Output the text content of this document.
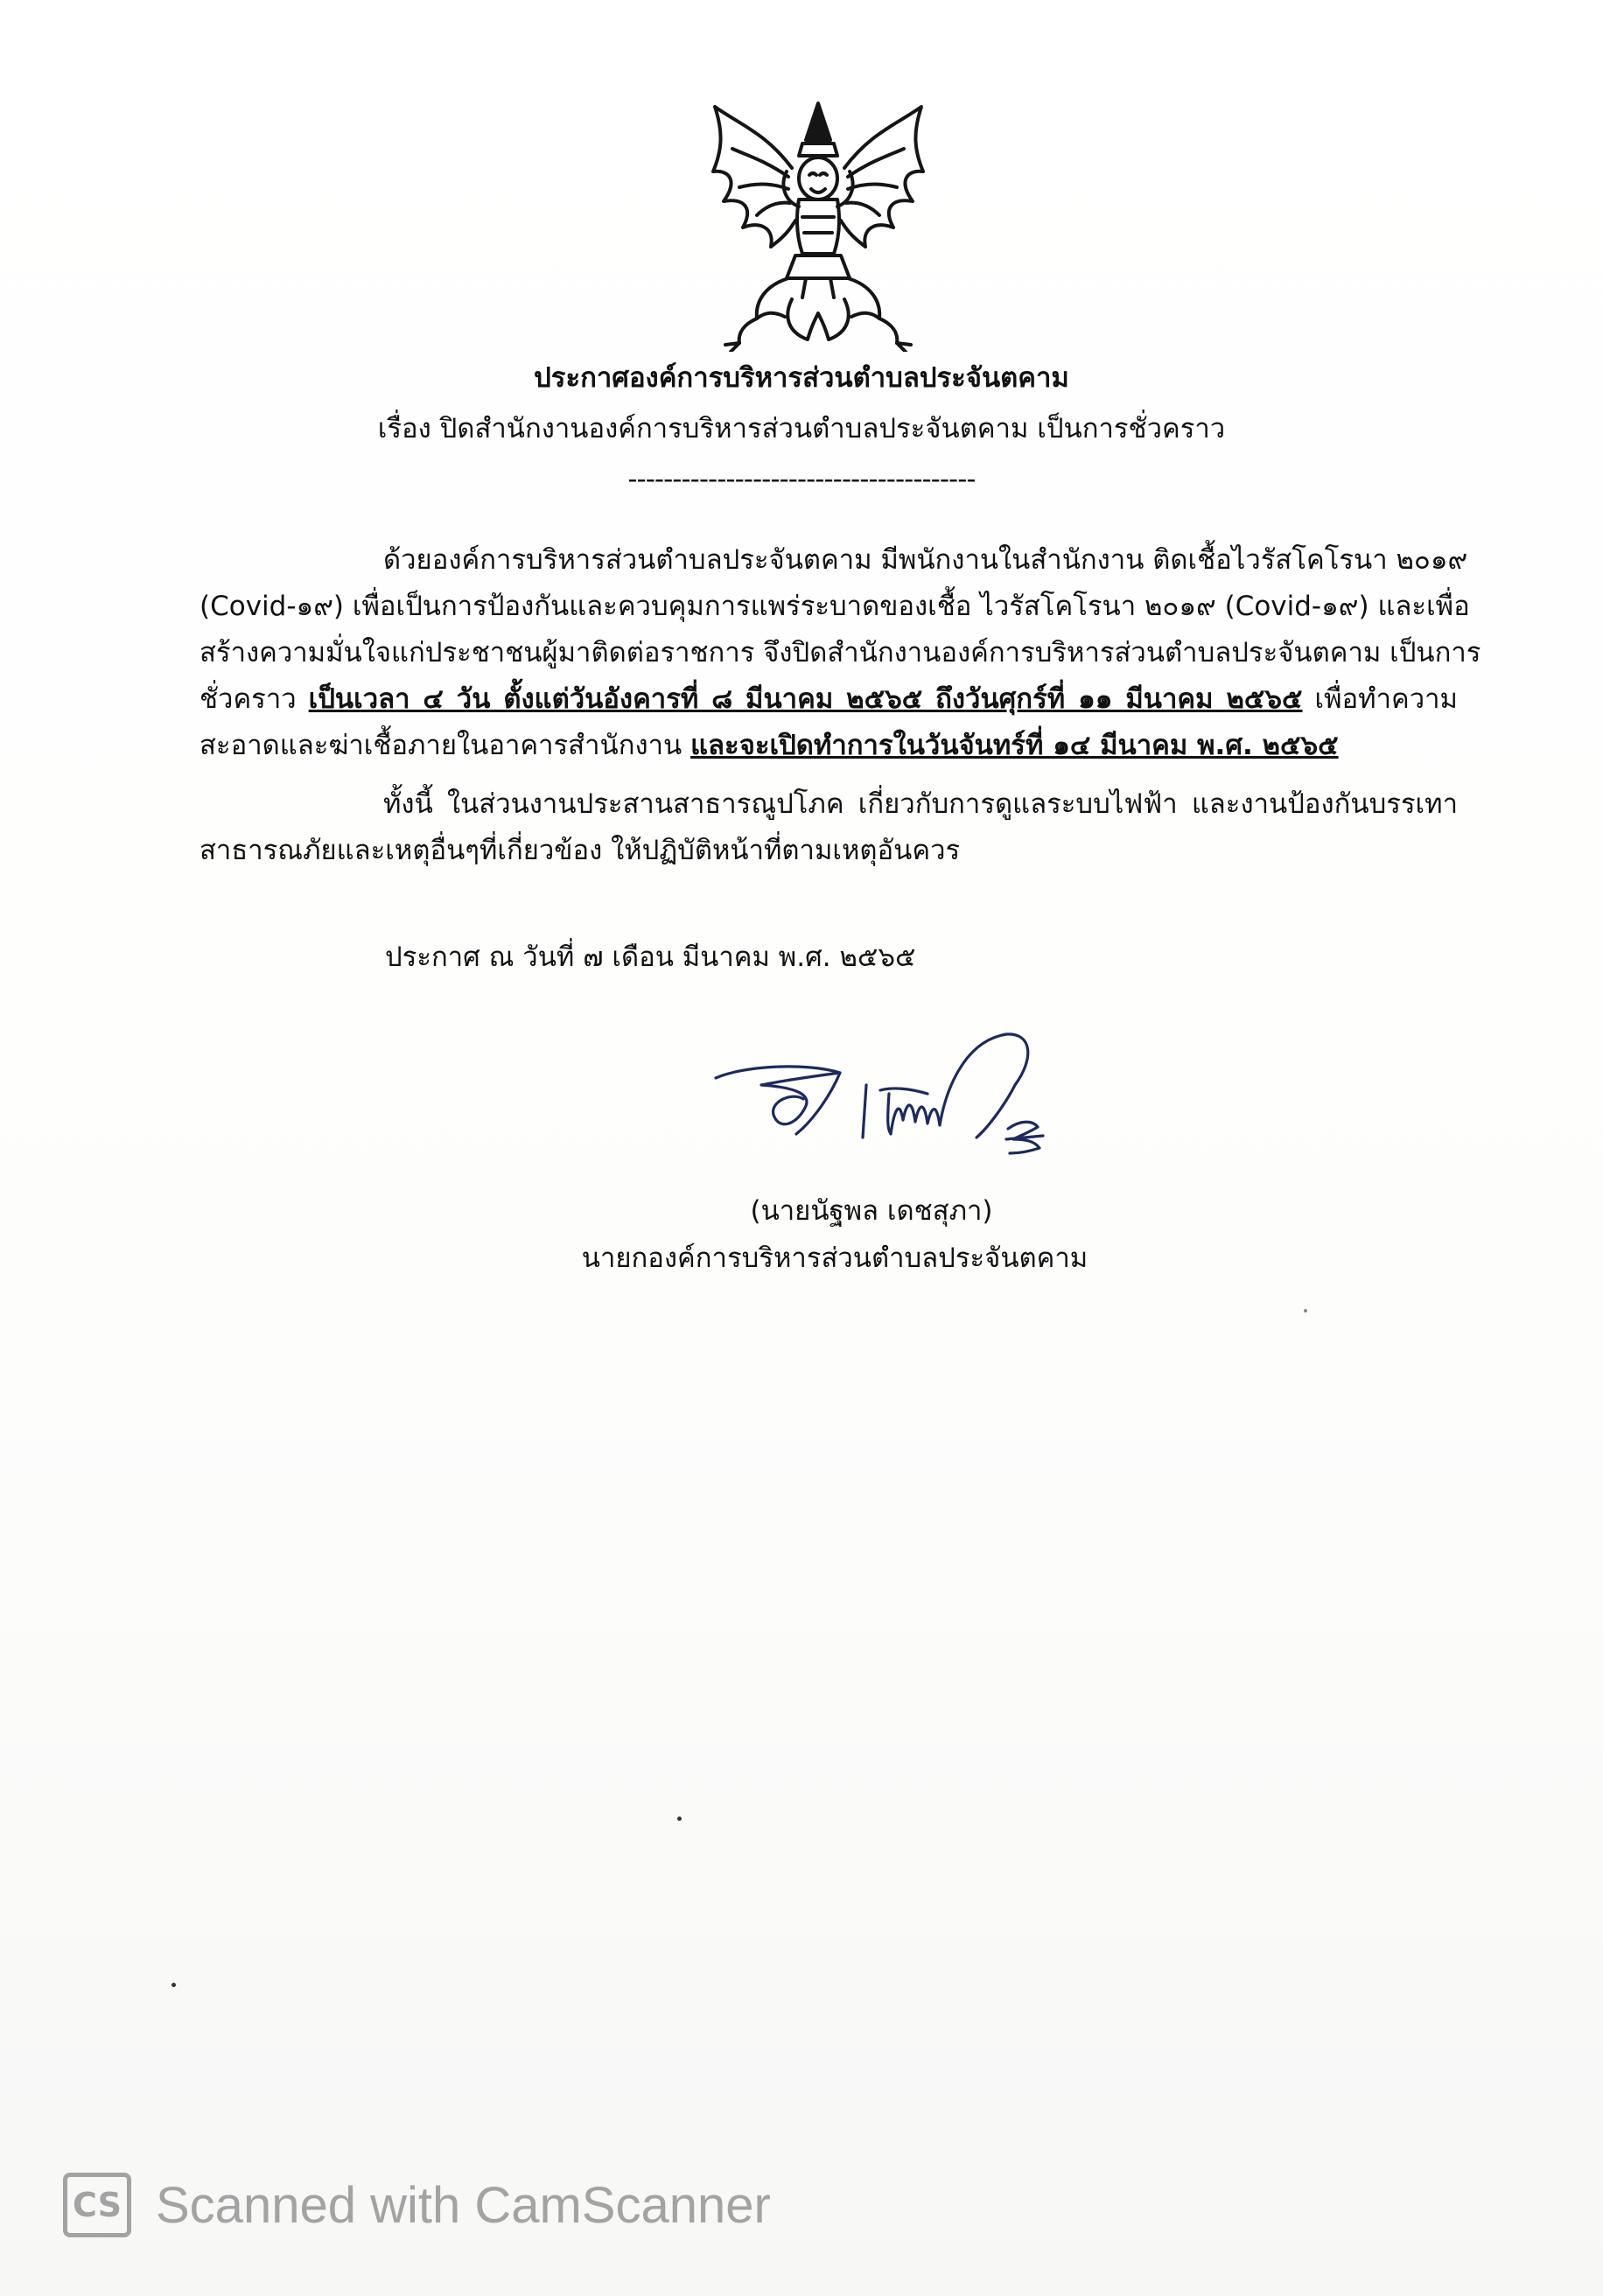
ประกาศองค์การบริหารส่วนตำบลประจันตคาม
เรื่อง ปิดสำนักงานองค์การบริหารส่วนตำบลประจันตคาม เป็นการชั่วคราว
---------------------------------------
ด้วยองค์การบริหารส่วนตำบลประจันตคาม มีพนักงานในสำนักงาน ติดเชื้อไวรัสโคโรนา ๒๐๑๙
(Covid-๑๙) เพื่อเป็นการป้องกันและควบคุมการแพร่ระบาดของเชื้อ ไวรัสโคโรนา ๒๐๑๙ (Covid-๑๙) และเพื่อ
สร้างความมั่นใจแก่ประชาชนผู้มาติดต่อราชการ จึงปิดสำนักงานองค์การบริหารส่วนตำบลประจันตคาม เป็นการ
ชั่วคราว เป็นเวลา ๔ วัน ตั้งแต่วันอังคารที่ ๘ มีนาคม ๒๕๖๕ ถึงวันศุกร์ที่ ๑๑ มีนาคม ๒๕๖๕ เพื่อทำความ
สะอาดและฆ่าเชื้อภายในอาคารสำนักงาน และจะเปิดทำการในวันจันทร์ที่ ๑๔ มีนาคม พ.ศ. ๒๕๖๕
ทั้งนี้ ในส่วนงานประสานสาธารณูปโภค เกี่ยวกับการดูแลระบบไฟฟ้า และงานป้องกันบรรเทา
สาธารณภัยและเหตุอื่นๆที่เกี่ยวข้อง ให้ปฏิบัติหน้าที่ตามเหตุอันควร
ประกาศ ณ วันที่ ๗ เดือน มีนาคม พ.ศ. ๒๕๖๕
(นายนัฐพล เดชสุภา)
นายกองค์การบริหารส่วนตำบลประจันตคาม
CS Scanned with CamScanner
